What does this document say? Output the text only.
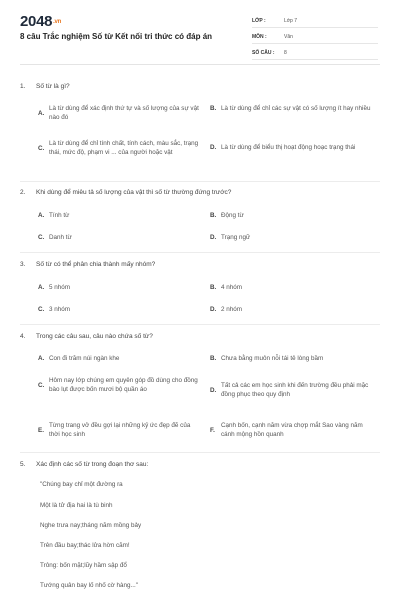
2048.vn
8 câu Trắc nghiệm Số từ Kết nối tri thức có đáp án
LỚP :	Lớp 7
MÔN :	Văn
SỐ CÂU :	8
1.	Số từ là gì?
A.
Là từ dùng để xác định thứ tự và số lượng của sự vật nào đó
B. Là từ dùng để chỉ các sự vật có số lượng ít hay nhiều
C.
Là từ dùng để chỉ tính chất, tính cách, màu sắc, trạng thái, mức độ, phạm vi ... của người hoặc vật
D. Là từ dùng để biểu thị hoạt động hoạc trạng thái
2.	Khi dùng để miêu tả số lượng của vật thì số từ thường đứng trước?
A. Tính từ	B. Động từ
C. Danh từ	D. Trạng ngữ
3.	Số từ có thể phân chia thành mấy nhóm?
A. 5 nhóm	B. 4 nhóm
C. 3 nhóm	D. 2 nhóm
4.	Trong các câu sau, câu nào chứa số từ?
A. Con đi trăm núi ngàn khe	B. Chưa bằng muôn nỗi tái tê lòng bầm
C.
Hôm nay lớp chúng em quyên góp đồ dùng cho đồng bào lụt được bốn mươi bộ quần áo	D.
Tất cả các em học sinh khi đến trường đều phải mặc đồng phục theo quy định
E.
Từng trang vở đều gợi lại những kỷ ức đẹp đẽ của thời học sinh
F.
Cạnh bốn, cạnh năm vừa chợp mắt Sao vàng năm cánh mộng hồn quanh
5.	Xác định các số từ trong đoạn thơ sau:
"Chúng bay chỉ một đường ra
Một là tử địa hai là tù binh
Nghe trưa nay;tháng năm mồng bảy
Trên đầu bay;thác lửa hờn căm!
Trông: bốn mặt;lũy hầm sập đổ
Tướng quân bay lố nhố cờ hàng..."
